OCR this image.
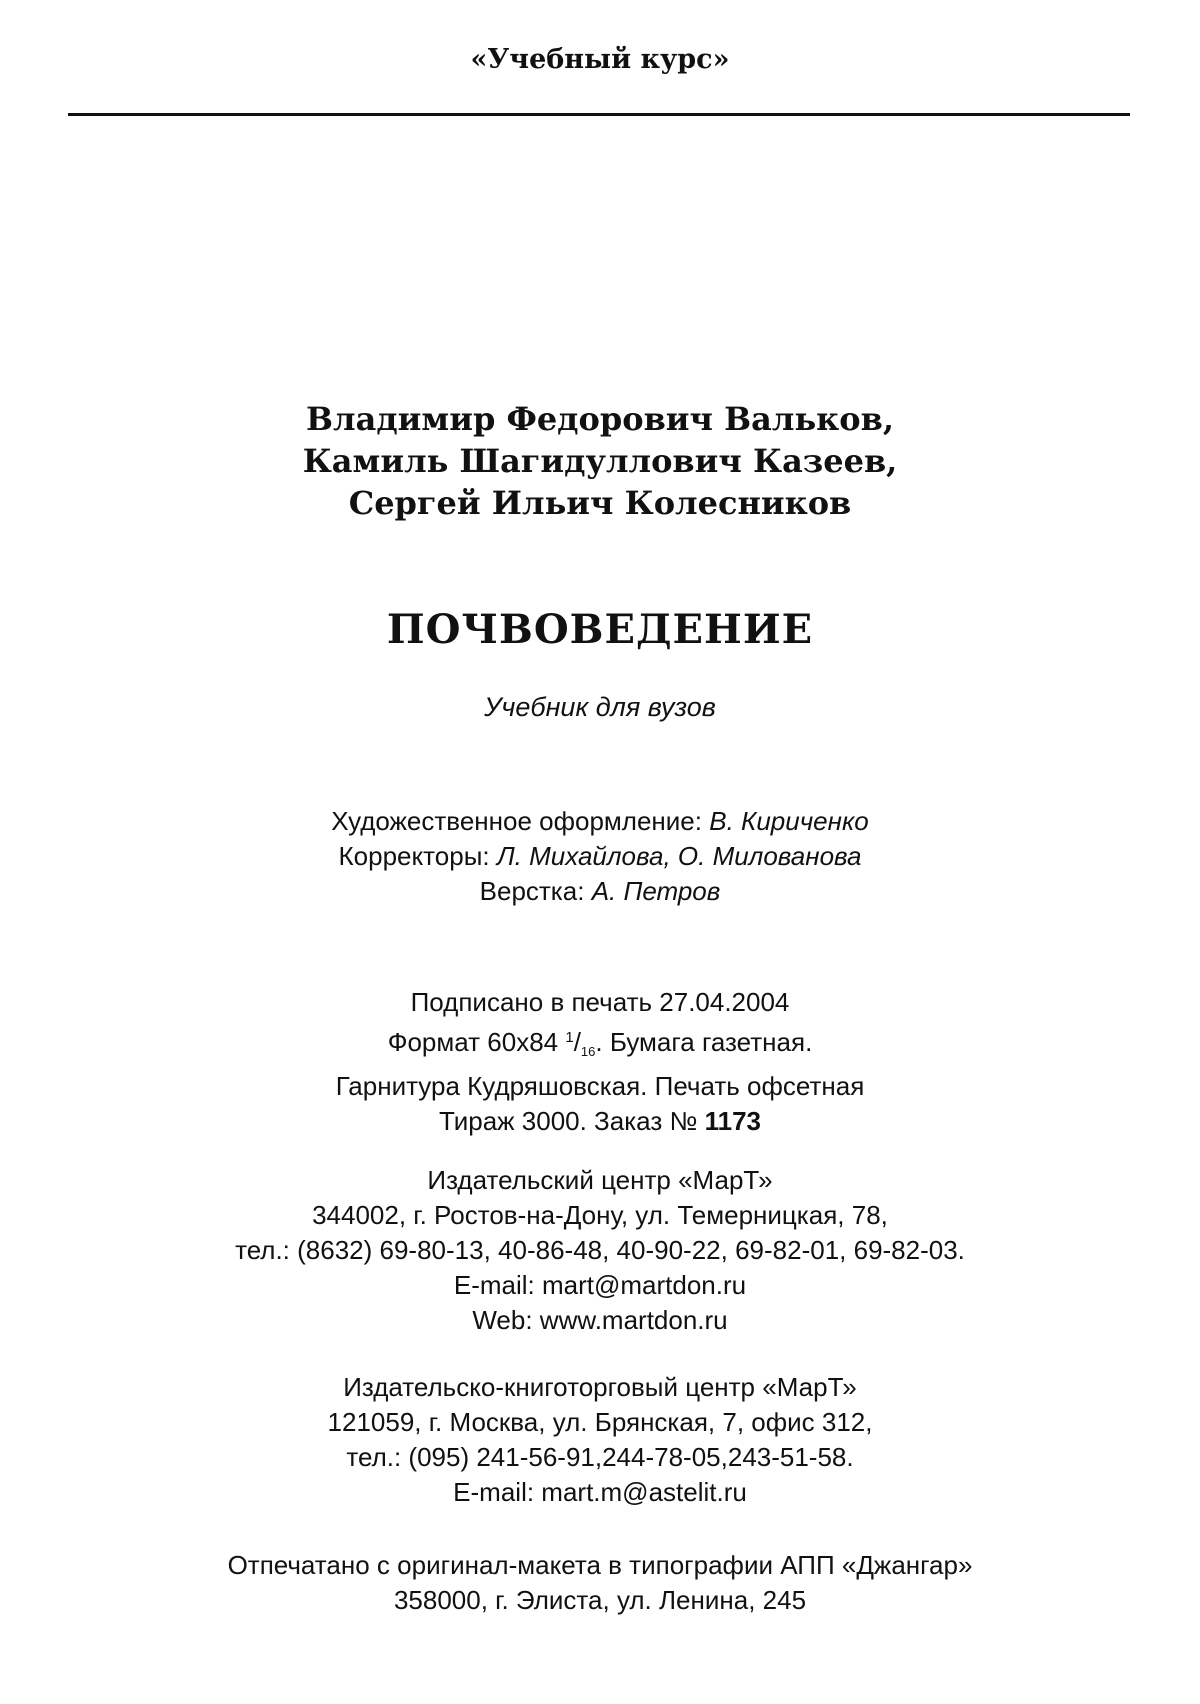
«Учебный курс»
Владимир Федорович Вальков,
Камиль Шагидуллович Казеев,
Сергей Ильич Колесников
ПОЧВОВЕДЕНИЕ
Учебник для вузов
Художественное оформление: В. Кириченко
Корректоры: Л. Михайлова, О. Милованова
Верстка: А. Петров
Подписано в печать 27.04.2004
Формат 60x84 $^1$/16. Бумага газетная.
Гарнитура Кудряшовская. Печать офсетная
Тираж 3000. Заказ № 1173
Издательский центр «МарТ»
344002, г. Ростов-на-Дону, ул. Темерницкая, 78,
тел.: (8632) 69-80-13, 40-86-48, 40-90-22, 69-82-01, 69-82-03.
E-mail: mart@martdon.ru
Web: www.martdon.ru
Издательско-книготорговый центр «МарТ»
121059, г. Москва, ул. Брянская, 7, офис 312,
тел.: (095) 241-56-91,244-78-05,243-51-58.
E-mail: mart.m@astelit.ru
Отпечатано с оригинал-макета в типографии АПП «Джангар»
358000, г. Элиста, ул. Ленина, 245
